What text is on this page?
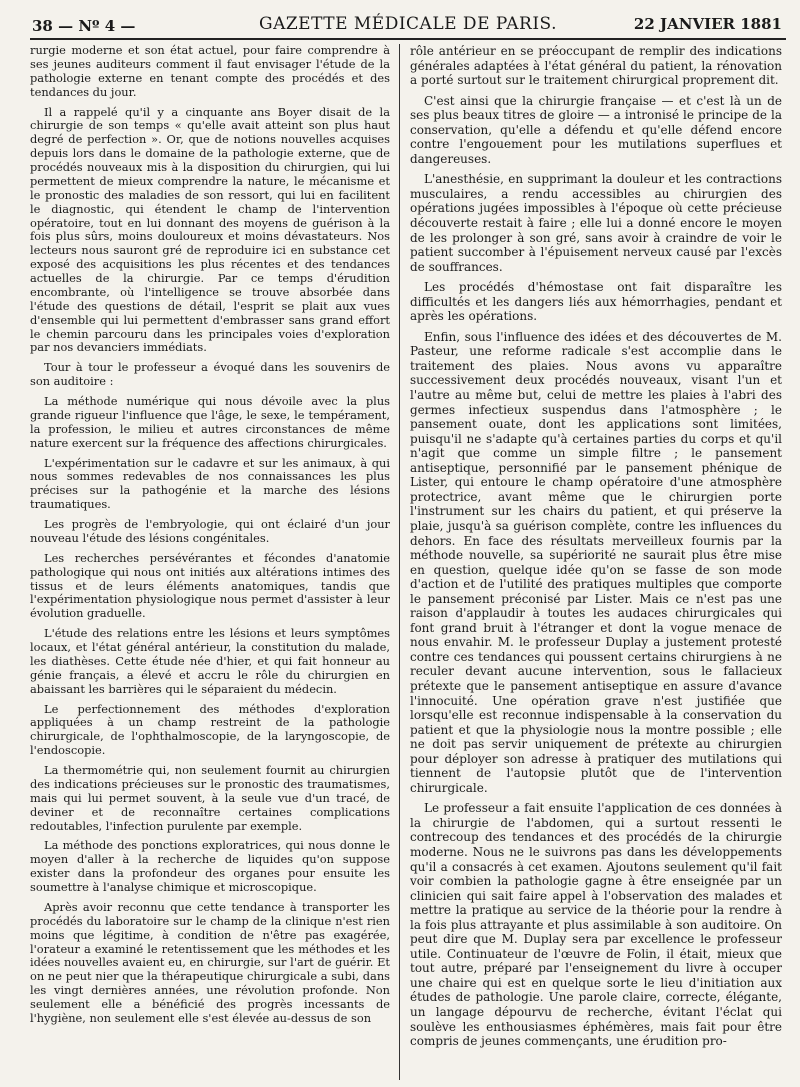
38 — Nº 4 —	GAZETTE MÉDICALE DE PARIS.	22 JANVIER 1881

rurgie moderne et son état actuel, pour faire comprendre à ses jeunes auditeurs comment il faut envisager l'étude de la pathologie externe en tenant compte des procédés et des tendances du jour.

Il a rappelé qu'il y a cinquante ans Boyer disait de la chirurgie de son temps « qu'elle avait atteint son plus haut degré de perfection ». Or, que de notions nouvelles acquises depuis lors dans le domaine de la pathologie externe, que de procédés nouveaux mis à la disposition du chirurgien, qui lui permettent de mieux comprendre la nature, le mécanisme et le pronostic des maladies de son ressort, qui lui en facilitent le diagnostic, qui étendent le champ de l'intervention opératoire, tout en lui donnant des moyens de guérison à la fois plus sûrs, moins douloureux et moins dévastateurs. Nos lecteurs nous sauront gré de reproduire ici en substance cet exposé des acquisitions les plus récentes et des tendances actuelles de la chirurgie. Par ce temps d'érudition encombrante, où l'intelligence se trouve absorbée dans l'étude des questions de détail, l'esprit se plait aux vues d'ensemble qui lui permettent d'embrasser sans grand effort le chemin parcouru dans les principales voies d'exploration par nos devanciers immédiats.

Tour à tour le professeur a évoqué dans les souvenirs de son auditoire :

La méthode numérique qui nous dévoile avec la plus grande rigueur l'influence que l'âge, le sexe, le tempérament, la profession, le milieu et autres circonstances de même nature exercent sur la fréquence des affections chirurgicales.

L'expérimentation sur le cadavre et sur les animaux, à qui nous sommes redevables de nos connaissances les plus précises sur la pathogénie et la marche des lésions traumatiques.

Les progrès de l'embryologie, qui ont éclairé d'un jour nouveau l'étude des lésions congénitales.

Les recherches persévérantes et fécondes d'anatomie pathologique qui nous ont initiés aux altérations intimes des tissus et de leurs éléments anatomiques, tandis que l'expérimentation physiologique nous permet d'assister à leur évolution graduelle.

L'étude des relations entre les lésions et leurs symptômes locaux, et l'état général antérieur, la constitution du malade, les diathèses. Cette étude née d'hier, et qui fait honneur au génie français, a élevé et accru le rôle du chirurgien en abaissant les barrières qui le séparaient du médecin.

Le perfectionnement des méthodes d'exploration appliquées à un champ restreint de la pathologie chirurgicale, de l'ophthalmoscopie, de la laryngoscopie, de l'endoscopie.

La thermométrie qui, non seulement fournit au chirurgien des indications précieuses sur le pronostic des traumatismes, mais qui lui permet souvent, à la seule vue d'un tracé, de deviner et de reconnaître certaines complications redoutables, l'infection purulente par exemple.

La méthode des ponctions exploratrices, qui nous donne le moyen d'aller à la recherche de liquides qu'on suppose exister dans la profondeur des organes pour ensuite les soumettre à l'analyse chimique et microscopique.

Après avoir reconnu que cette tendance à transporter les procédés du laboratoire sur le champ de la clinique n'est rien moins que légitime, à condition de n'être pas exagérée, l'orateur a examiné le retentissement que les méthodes et les idées nouvelles avaient eu, en chirurgie, sur l'art de guérir. Et on ne peut nier que la thérapeutique chirurgicale a subi, dans les vingt dernières années, une révolution profonde. Non seulement elle a bénéficié des progrès incessants de l'hygiène, non seulement elle s'est élevée au-dessus de son

rôle antérieur en se préoccupant de remplir des indications générales adaptées à l'état général du patient, la rénovation a porté surtout sur le traitement chirurgical proprement dit.

C'est ainsi que la chirurgie française — et c'est là un de ses plus beaux titres de gloire — a intronisé le principe de la conservation, qu'elle a défendu et qu'elle défend encore contre l'engouement pour les mutilations superflues et dangereuses.

L'anesthésie, en supprimant la douleur et les contractions musculaires, a rendu accessibles au chirurgien des opérations jugées impossibles à l'époque où cette précieuse découverte restait à faire ; elle lui a donné encore le moyen de les prolonger à son gré, sans avoir à craindre de voir le patient succomber à l'épuisement nerveux causé par l'excès de souffrances.

Les procédés d'hémostase ont fait disparaître les difficultés et les dangers liés aux hémorrhagies, pendant et après les opérations.

Enfin, sous l'influence des idées et des découvertes de M. Pasteur, une reforme radicale s'est accomplie dans le traitement des plaies. Nous avons vu apparaître successivement deux procédés nouveaux, visant l'un et l'autre au même but, celui de mettre les plaies à l'abri des germes infectieux suspendus dans l'atmosphère ; le pansement ouate, dont les applications sont limitées, puisqu'il ne s'adapte qu'à certaines parties du corps et qu'il n'agit que comme un simple filtre ; le pansement antiseptique, personnifié par le pansement phénique de Lister, qui entoure le champ opératoire d'une atmosphère protectrice, avant même que le chirurgien porte l'instrument sur les chairs du patient, et qui préserve la plaie, jusqu'à sa guérison complète, contre les influences du dehors. En face des résultats merveilleux fournis par la méthode nouvelle, sa supériorité ne saurait plus être mise en question, quelque idée qu'on se fasse de son mode d'action et de l'utilité des pratiques multiples que comporte le pansement préconisé par Lister. Mais ce n'est pas une raison d'applaudir à toutes les audaces chirurgicales qui font grand bruit à l'étranger et dont la vogue menace de nous envahir. M. le professeur Duplay a justement protesté contre ces tendances qui poussent certains chirurgiens à ne reculer devant aucune intervention, sous le fallacieux prétexte que le pansement antiseptique en assure d'avance l'innocuité. Une opération grave n'est justifiée que lorsqu'elle est reconnue indispensable à la conservation du patient et que la physiologie nous la montre possible ; elle ne doit pas servir uniquement de prétexte au chirurgien pour déployer son adresse à pratiquer des mutilations qui tiennent de l'autopsie plutôt que de l'intervention chirurgicale.

Le professeur a fait ensuite l'application de ces données à la chirurgie de l'abdomen, qui a surtout ressenti le contrecoup des tendances et des procédés de la chirurgie moderne. Nous ne le suivrons pas dans les développements qu'il a consacrés à cet examen. Ajoutons seulement qu'il fait voir combien la pathologie gagne à être enseignée par un clinicien qui sait faire appel à l'observation des malades et mettre la pratique au service de la théorie pour la rendre à la fois plus attrayante et plus assimilable à son auditoire. On peut dire que M. Duplay sera par excellence le professeur utile. Continuateur de l'œuvre de Folin, il était, mieux que tout autre, préparé par l'enseignement du livre à occuper une chaire qui est en quelque sorte le lieu d'initiation aux études de pathologie. Une parole claire, correcte, élégante, un langage dépourvu de recherche, évitant l'éclat qui soulève les enthousiasmes éphémères, mais fait pour être compris de jeunes commençants, une érudition pro-
